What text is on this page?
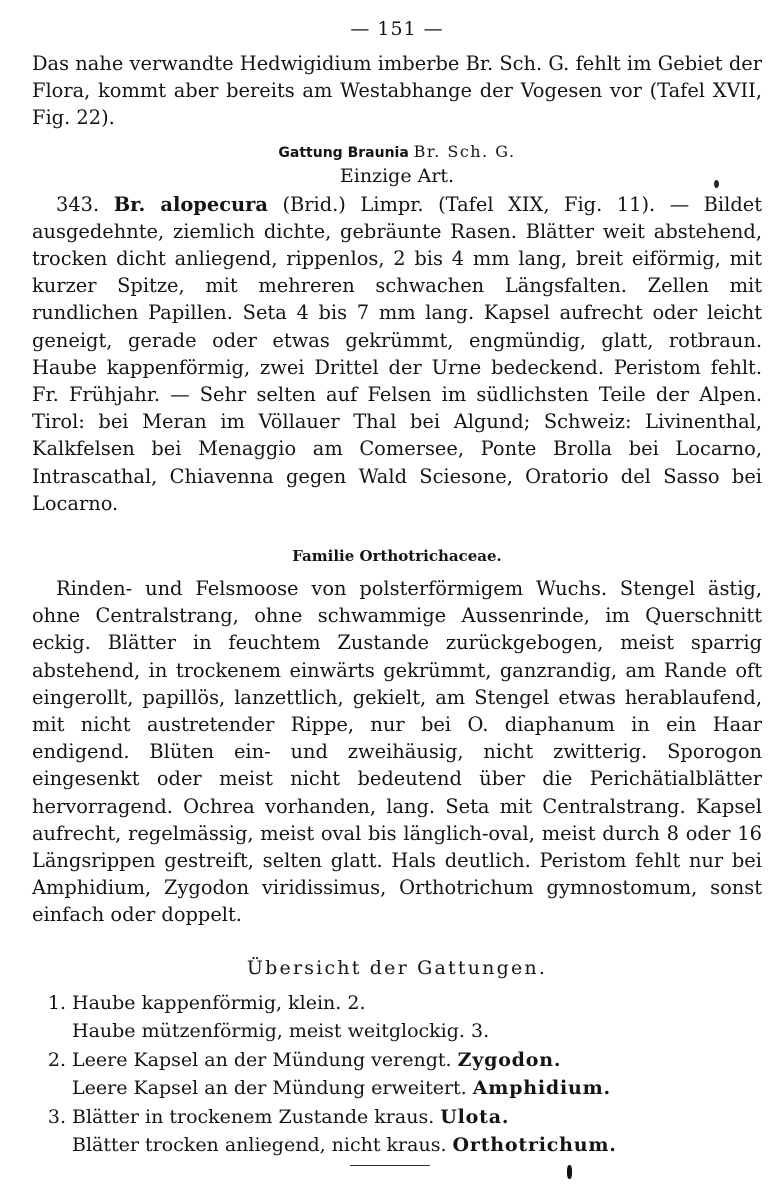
— 151 —

Das nahe verwandte Hedwigidium imberbe Br. Sch. G. fehlt im Gebiet der Flora, kommt aber bereits am Westabhange der Vogesen vor (Tafel XVII, Fig. 22).

Gattung Braunia Br. Sch. G.
Einzige Art.

343. Br. alopecura (Brid.) Limpr. (Tafel XIX, Fig. 11). — Bildet ausgedehnte, ziemlich dichte, gebräunte Rasen. Blätter weit abstehend, trocken dicht anliegend, rippenlos, 2 bis 4 mm lang, breit eiförmig, mit kurzer Spitze, mit mehreren schwachen Längsfalten. Zellen mit rundlichen Papillen. Seta 4 bis 7 mm lang. Kapsel aufrecht oder leicht geneigt, gerade oder etwas gekrümmt, engmündig, glatt, rotbraun. Haube kappenförmig, zwei Drittel der Urne bedeckend. Peristom fehlt. Fr. Frühjahr. — Sehr selten auf Felsen im südlichsten Teile der Alpen. Tirol: bei Meran im Völlauer Thal bei Algund; Schweiz: Livinenthal, Kalkfelsen bei Menaggio am Comersee, Ponte Brolla bei Locarno, Intrascathal, Chiavenna gegen Wald Sciesone, Oratorio del Sasso bei Locarno.

Familie Orthotrichaceae.

Rinden- und Felsmoose von polsterförmigem Wuchs. Stengel ästig, ohne Centralstrang, ohne schwammige Aussenrinde, im Querschnitt eckig. Blätter in feuchtem Zustande zurückgebogen, meist sparrig abstehend, in trockenem einwärts gekrümmt, ganzrandig, am Rande oft eingerollt, papillös, lanzettlich, gekielt, am Stengel etwas herablaufend, mit nicht austretender Rippe, nur bei O. diaphanum in ein Haar endigend. Blüten ein- und zweihäusig, nicht zwitterig. Sporogon eingesenkt oder meist nicht bedeutend über die Perichätialblätter hervorragend. Ochrea vorhanden, lang. Seta mit Centralstrang. Kapsel aufrecht, regelmässig, meist oval bis länglich-oval, meist durch 8 oder 16 Längsrippen gestreift, selten glatt. Hals deutlich. Peristom fehlt nur bei Amphidium, Zygodon viridissimus, Orthotrichum gymnostomum, sonst einfach oder doppelt.

Übersicht der Gattungen.
1. Haube kappenförmig, klein. 2.
Haube mützenförmig, meist weitglockig. 3.
2. Leere Kapsel an der Mündung verengt. Zygodon.
Leere Kapsel an der Mündung erweitert. Amphidium.
3. Blätter in trockenem Zustande kraus. Ulota.
Blätter trocken anliegend, nicht kraus. Orthotrichum.
